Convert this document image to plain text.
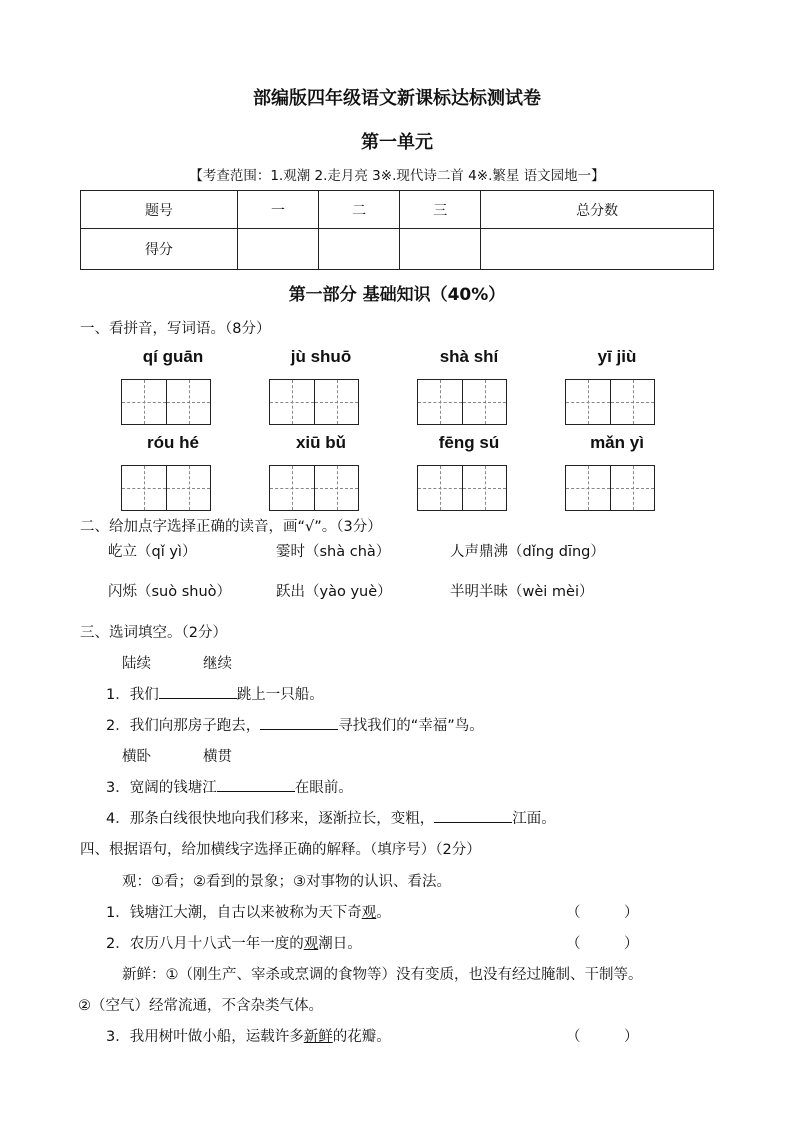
部编版四年级语文新课标达标测试卷
第一单元
【考查范围：1.观潮 2.走月亮 3※.现代诗二首 4※.繁星 语文园地一】
题号	一	二	三	总分数
得分				
第一部分 基础知识（40%）
一、看拼音，写词语。（8分）
qí guān	jù shuō	shà shí	yī jiù
róu hé	xiū bǔ	fēng sú	mǎn yì
二、给加点字选择正确的读音，画“√”。（3分）
屹立（qǐ yì）	霎时（shà chà）	人声鼎沸（dǐng dīng）
闪烁（suò shuò）	跃出（yào yuè）	半明半昧（wèi mèi）
三、选词填空。（2分）
陆续	继续
1．我们	跳上一只船。
2．我们向那房子跑去，	寻找我们的“幸福”鸟。
横卧	横贯
3．宽阔的钱塘江	在眼前。
4．那条白线很快地向我们移来，逐渐拉长，变粗，	江面。
四、根据语句，给加横线字选择正确的解释。（填序号）（2分）
观：①看；②看到的景象；③对事物的认识、看法。
1．钱塘江大潮，自古以来被称为天下奇观。	（　　　）
2．农历八月十八式一年一度的观潮日。	（　　　）
新鲜：①（刚生产、宰杀或烹调的食物等）没有变质，也没有经过腌制、干制等。
②（空气）经常流通，不含杂类气体。
3．我用树叶做小船，运载许多新鲜的花瓣。	（　　　）
